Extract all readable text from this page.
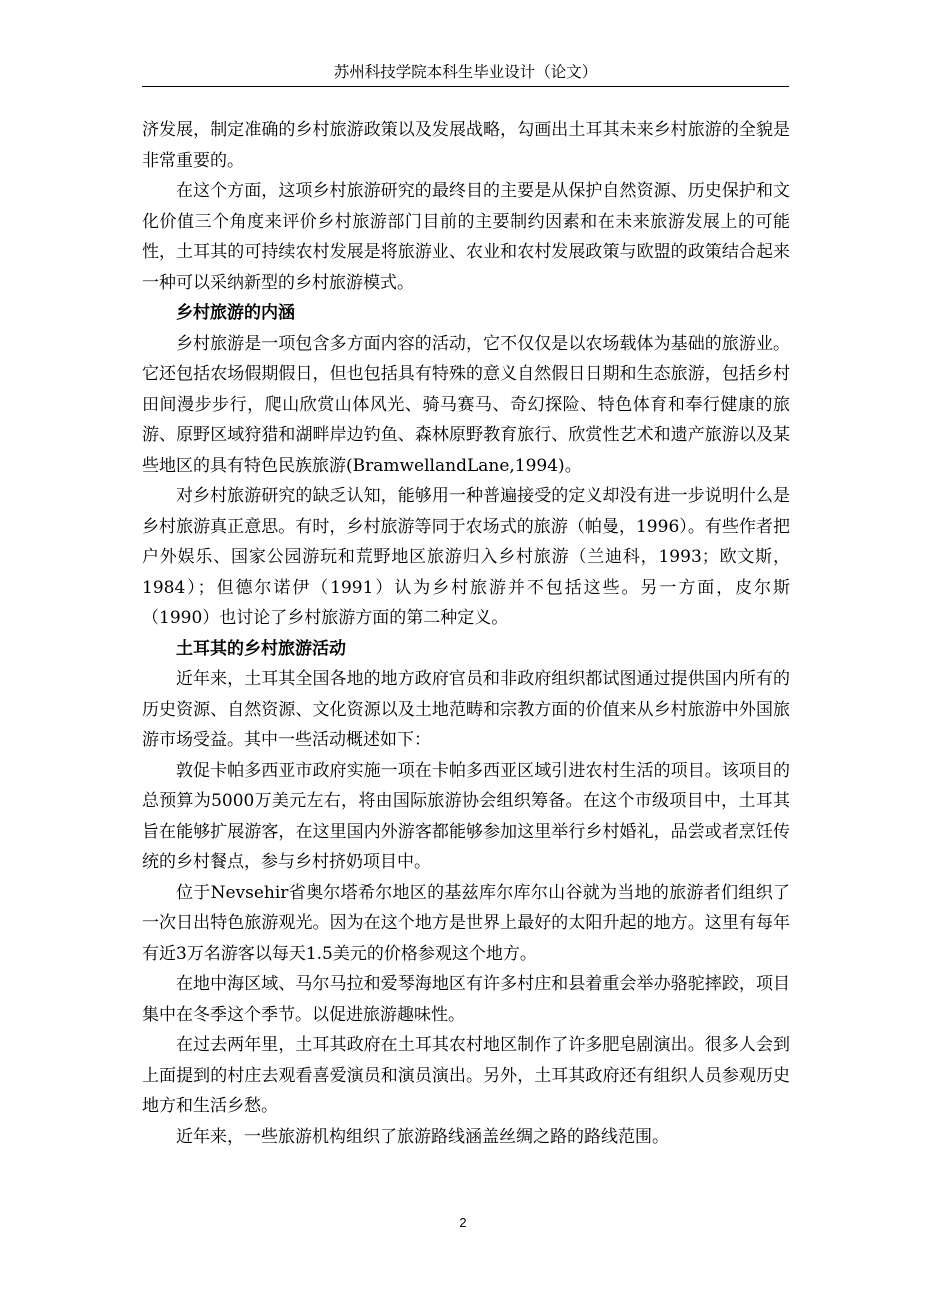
苏州科技学院本科生毕业设计（论文）

济发展，制定准确的乡村旅游政策以及发展战略，勾画出土耳其未来乡村旅游的全貌是非常重要的。

在这个方面，这项乡村旅游研究的最终目的主要是从保护自然资源、历史保护和文化价值三个角度来评价乡村旅游部门目前的主要制约因素和在未来旅游发展上的可能性，土耳其的可持续农村发展是将旅游业、农业和农村发展政策与欧盟的政策结合起来一种可以采纳新型的乡村旅游模式。

乡村旅游的内涵

乡村旅游是一项包含多方面内容的活动，它不仅仅是以农场载体为基础的旅游业。它还包括农场假期假日，但也包括具有特殊的意义自然假日日期和生态旅游，包括乡村田间漫步步行，爬山欣赏山体风光、骑马赛马、奇幻探险、特色体育和奉行健康的旅游、原野区域狩猎和湖畔岸边钓鱼、森林原野教育旅行、欣赏性艺术和遗产旅游以及某些地区的具有特色民族旅游(BramwellandLane,1994)。

对乡村旅游研究的缺乏认知，能够用一种普遍接受的定义却没有进一步说明什么是乡村旅游真正意思。有时，乡村旅游等同于农场式的旅游（帕曼，1996）。有些作者把户外娱乐、国家公园游玩和荒野地区旅游归入乡村旅游（兰迪科，1993；欧文斯，1984）；但德尔诺伊（1991）认为乡村旅游并不包括这些。另一方面，皮尔斯（1990）也讨论了乡村旅游方面的第二种定义。

土耳其的乡村旅游活动

近年来，土耳其全国各地的地方政府官员和非政府组织都试图通过提供国内所有的历史资源、自然资源、文化资源以及土地范畴和宗教方面的价值来从乡村旅游中外国旅游市场受益。其中一些活动概述如下：

敦促卡帕多西亚市政府实施一项在卡帕多西亚区域引进农村生活的项目。该项目的总预算为5000万美元左右，将由国际旅游协会组织筹备。在这个市级项目中，土耳其旨在能够扩展游客，在这里国内外游客都能够参加这里举行乡村婚礼，品尝或者烹饪传统的乡村餐点，参与乡村挤奶项目中。

位于Nevsehir省奥尔塔希尔地区的基兹库尔库尔山谷就为当地的旅游者们组织了一次日出特色旅游观光。因为在这个地方是世界上最好的太阳升起的地方。这里有每年有近3万名游客以每天1.5美元的价格参观这个地方。

在地中海区域、马尔马拉和爱琴海地区有许多村庄和县着重会举办骆驼摔跤，项目集中在冬季这个季节。以促进旅游趣味性。

在过去两年里，土耳其政府在土耳其农村地区制作了许多肥皂剧演出。很多人会到上面提到的村庄去观看喜爱演员和演员演出。另外，土耳其政府还有组织人员参观历史地方和生活乡愁。

近年来，一些旅游机构组织了旅游路线涵盖丝绸之路的路线范围。

2
